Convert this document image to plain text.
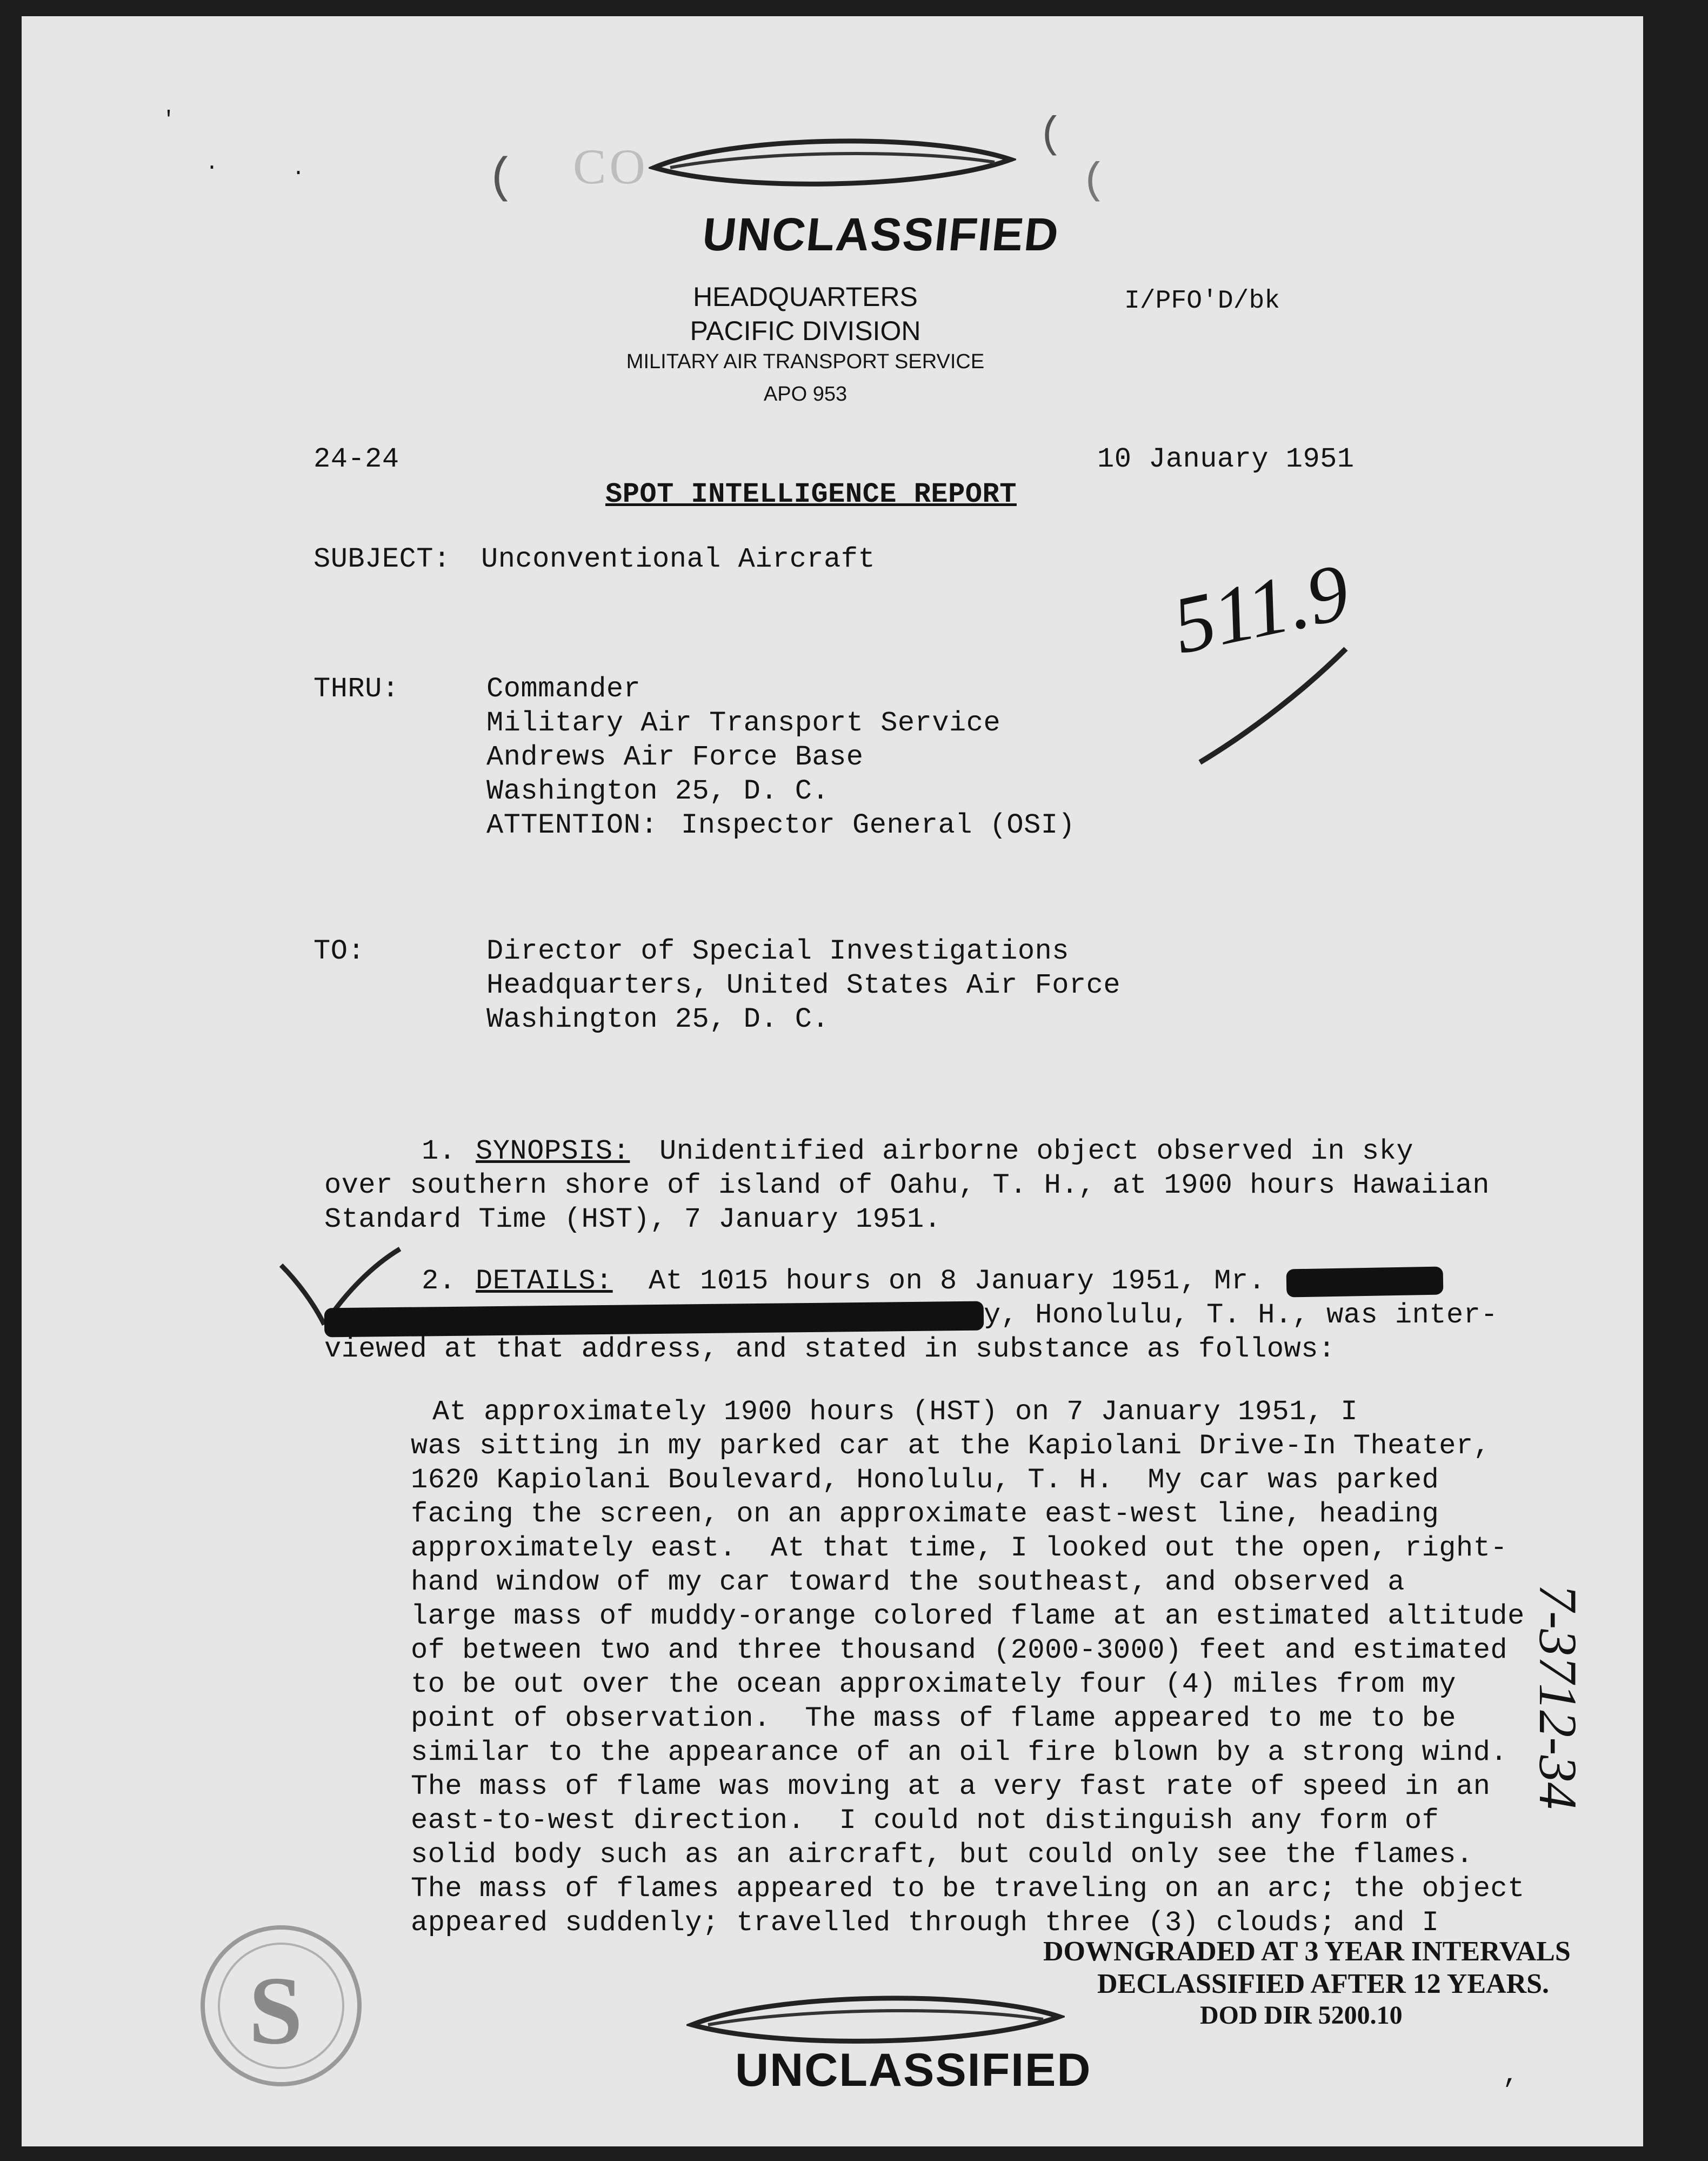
CO
(
(
(
UNCLASSIFIED
HEADQUARTERS
PACIFIC DIVISION
MILITARY AIR TRANSPORT SERVICE
APO 953
I/PFO'D/bk
24-24	10 January 1951
SPOT INTELLIGENCE REPORT
SUBJECT: Unconventional Aircraft	511.9
THRU:	Commander
Military Air Transport Service
Andrews Air Force Base
Washington 25, D. C.
ATTENTION: Inspector General (OSI)
TO:	Director of Special Investigations
Headquarters, United States Air Force
Washington 25, D. C.
1. SYNOPSIS: Unidentified airborne object observed in sky
over southern shore of island of Oahu, T. H., at 1900 hours Hawaiian
Standard Time (HST), 7 January 1951.
2. DETAILS: At 1015 hours on 8 January 1951, Mr.
y, Honolulu, T. H., was inter-
viewed at that address, and stated in substance as follows:
At approximately 1900 hours (HST) on 7 January 1951, I
was sitting in my parked car at the Kapiolani Drive-In Theater,
1620 Kapiolani Boulevard, Honolulu, T. H.  My car was parked
facing the screen, on an approximate east-west line, heading
approximately east.  At that time, I looked out the open, right-
hand window of my car toward the southeast, and observed a
large mass of muddy-orange colored flame at an estimated altitude
of between two and three thousand (2000-3000) feet and estimated
to be out over the ocean approximately four (4) miles from my
point of observation.  The mass of flame appeared to me to be
similar to the appearance of an oil fire blown by a strong wind.
The mass of flame was moving at a very fast rate of speed in an
east-to-west direction.  I could not distinguish any form of
solid body such as an aircraft, but could only see the flames.
The mass of flames appeared to be traveling on an arc; the object
appeared suddenly; travelled through three (3) clouds; and I
7-3712-34
S
DOWNGRADED AT 3 YEAR INTERVALS
DECLASSIFIED AFTER 12 YEARS.
DOD DIR 5200.10
UNCLASSIFIED
'
.	.
,
